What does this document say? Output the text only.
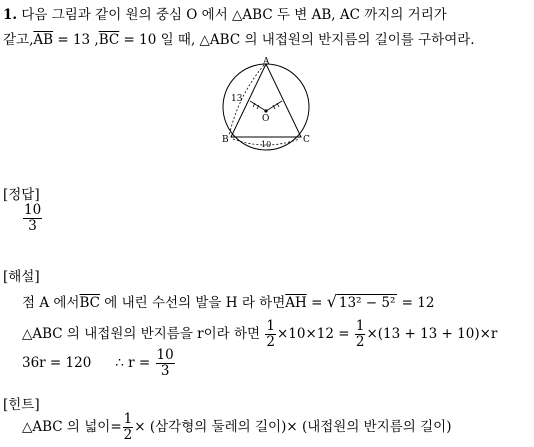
1. 다음 그림과 같이 원의 중심 O 에서 △ABC 두 변 AB, AC 까지의 거리가
같고$,\overline{AB} = 13$ $,\overline{BC} = 10$ 일 때, △ABC 의 내접원의 반지름의 길이를 구하여라.
A
B	C
O
13
10
[정답]
$\frac{10}{3}$
[해설]
점 A 에서$\overline{BC}$ 에 내린 수선의 발을 H 라 하면$\overline{AH}$ = √ 13² − 5² = 12
△ABC 의 내접원의 반지름을 r이라 하면 $\frac{1}{2} \times 10\times 12 = \frac{1}{2} \times(13 + 13 + 10)\times r$
36r = 120 ∴ $r = \frac{10}{3}$
[힌트]
△ABC 의 넓이= $\frac{1}{2}$ × (삼각형의 둘레의 길이)× (내접원의 반지름의 길이)
